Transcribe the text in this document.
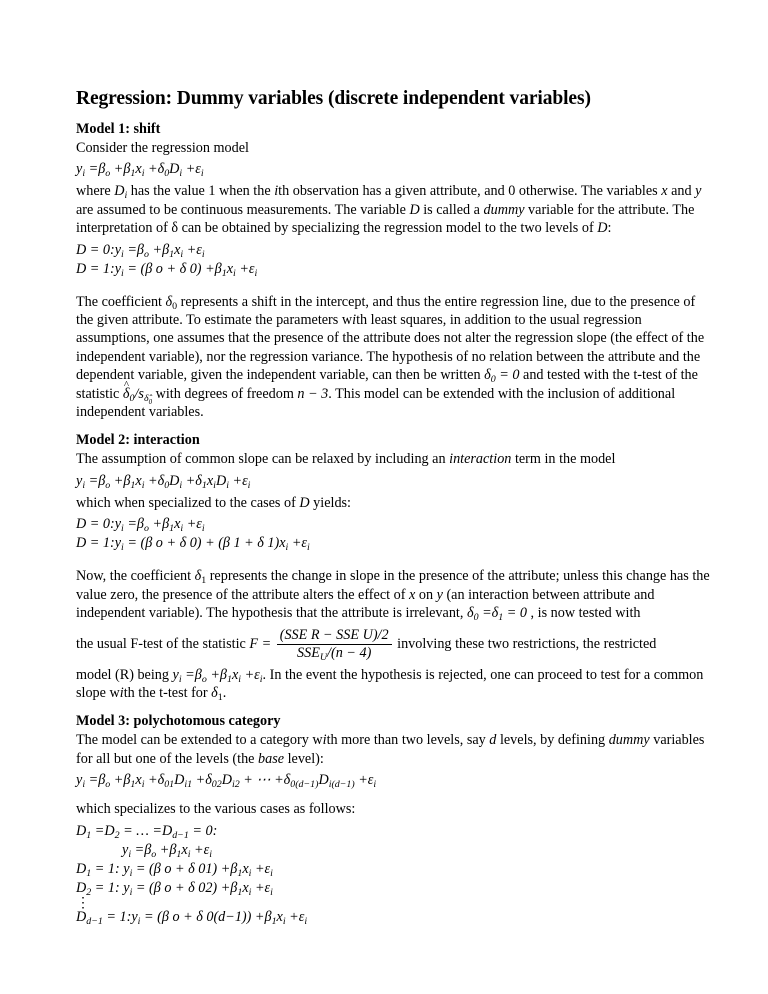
Regression: Dummy variables (discrete independent variables)
Model 1: shift
Consider the regression model
$y_i =\beta_o +\beta_1x_i +\delta_0D_i +\varepsilon_i$
where $D_i$ has the value 1 when the ith observation has a given attribute, and 0 otherwise. The variables x and y are assumed to be continuous measurements. The variable D is called a dummy variable for the attribute. The interpretation of δ can be obtained by specializing the regression model to the two levels of D:
$D = 0:y_i =\beta_o +\beta_1x_i +\varepsilon_i$
$D = 1:y_i = (\beta$ o + δ $0) +\beta_1x_i +\varepsilon_i$
The coefficient $\delta_0$ represents a shift in the intercept, and thus the entire regression line, due to the presence of the given attribute. To estimate the parameters with least squares, in addition to the usual regression assumptions, one assumes that the presence of the attribute does not alter the regression slope (the effect of the independent variable), nor the regression variance. The hypothesis of no relation between the attribute and the dependent variable, given the independent variable, can then be written $\delta_0 = 0$ and tested with the t-test of the statistic ^ $\delta_0/s_{\deltâ_0}$ with degrees of freedom n − 3. This model can be extended with the inclusion of additional independent variables.
Model 2: interaction
The assumption of common slope can be relaxed by including an interaction term in the model
$y_i =\beta_o +\beta_1x_i +\delta_0D_i +\delta_1x_iD_i +\varepsilon_i$
which when specialized to the cases of D yields:
$D = 0:y_i =\beta_o +\beta_1x_i +\varepsilon_i$
$D = 1:y_i = (\beta$ o + δ 0) + (β 1 + δ $1)x_i +\varepsilon_i$
Now, the coefficient $\delta_1$ represents the change in slope in the presence of the attribute; unless this change has the value zero, the presence of the attribute alters the effect of x on y (an interaction between attribute and independent variable). The hypothesis that the attribute is irrelevant, $\delta_0 =\delta_1 = 0$ , is now tested with
the usual F-test of the statistic $F = \frac{\text{(SSE R − SSE U)/2}}{SSE_U/(n - 4)}$ involving these two restrictions, the restricted
model (R) being $y_i =\beta_o +\beta_1x_i +\varepsilon_i$. In the event the hypothesis is rejected, one can proceed to test for a common slope with the t-test for $\delta_1$.
Model 3: polychotomous category
The model can be extended to a category with more than two levels, say d levels, by defining dummy variables for all but one of the levels (the base level):
$y_i =\beta_o +\beta_1x_i +\delta_{01}D_{i1} +\delta_{02}D_{i2}$ + ⋯ $+\delta_{0(d-1)}D_{i(d-1)} +\varepsilon_i$
which specializes to the various cases as follows:
$D_1 =D_2$ = … $=D_{d-1} = 0$:
$y_i =\beta_o +\beta_1x_i +\varepsilon_i$
$D_1 = 1$: $y_i = (\beta$ o + δ $01) +\beta_1x_i +\varepsilon_i$
$D_2 = 1$: $y_i = (\beta$ o + δ $02) +\beta_1x_i +\varepsilon_i$
⋮
$D_{d-1}$ = $1:y_i = (\beta$ o + δ $0(d-1)) +\beta_1x_i +\varepsilon_i$
